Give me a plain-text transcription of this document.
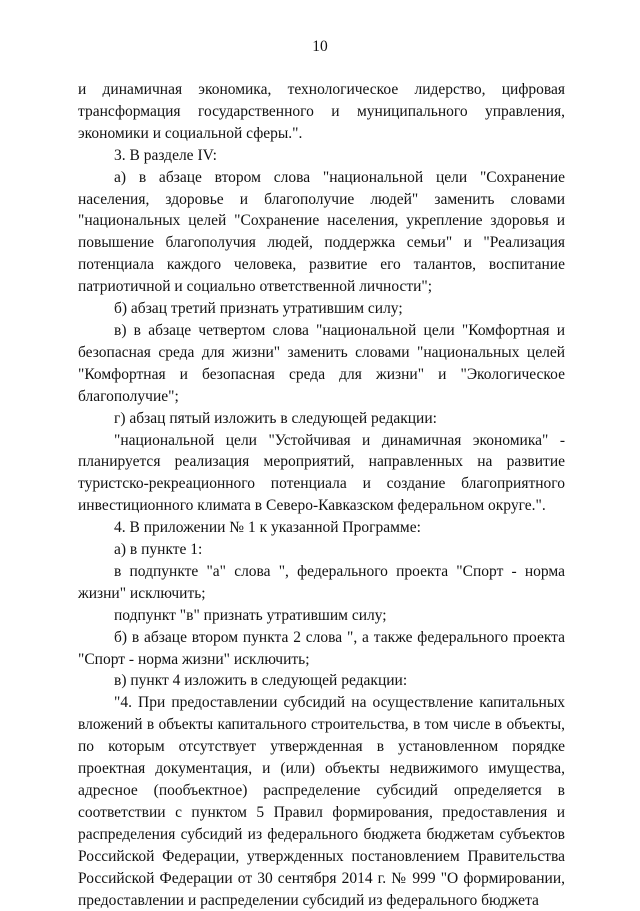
10

и динамичная экономика, технологическое лидерство, цифровая трансформация государственного и муниципального управления, экономики и социальной сферы.".

3. В разделе IV:

а) в абзаце втором слова "национальной цели "Сохранение населения, здоровье и благополучие людей" заменить словами "национальных целей "Сохранение населения, укрепление здоровья и повышение благополучия людей, поддержка семьи" и "Реализация потенциала каждого человека, развитие его талантов, воспитание патриотичной и социально ответственной личности";

б) абзац третий признать утратившим силу;

в) в абзаце четвертом слова "национальной цели "Комфортная и безопасная среда для жизни" заменить словами "национальных целей "Комфортная и безопасная среда для жизни" и "Экологическое благополучие";

г) абзац пятый изложить в следующей редакции:

"национальной цели "Устойчивая и динамичная экономика" - планируется реализация мероприятий, направленных на развитие туристско-рекреационного потенциала и создание благоприятного инвестиционного климата в Северо-Кавказском федеральном округе.".

4. В приложении № 1 к указанной Программе:

а) в пункте 1:

в подпункте "а" слова ", федерального проекта "Спорт - норма жизни" исключить;

подпункт "в" признать утратившим силу;

б) в абзаце втором пункта 2 слова ", а также федерального проекта "Спорт - норма жизни" исключить;

в) пункт 4 изложить в следующей редакции:

"4. При предоставлении субсидий на осуществление капитальных вложений в объекты капитального строительства, в том числе в объекты, по которым отсутствует утвержденная в установленном порядке проектная документация, и (или) объекты недвижимого имущества, адресное (пообъектное) распределение субсидий определяется в соответствии с пунктом 5 Правил формирования, предоставления и распределения субсидий из федерального бюджета бюджетам субъектов Российской Федерации, утвержденных постановлением Правительства Российской Федерации от 30 сентября 2014 г. № 999 "О формировании, предоставлении и распределении субсидий из федерального бюджета
